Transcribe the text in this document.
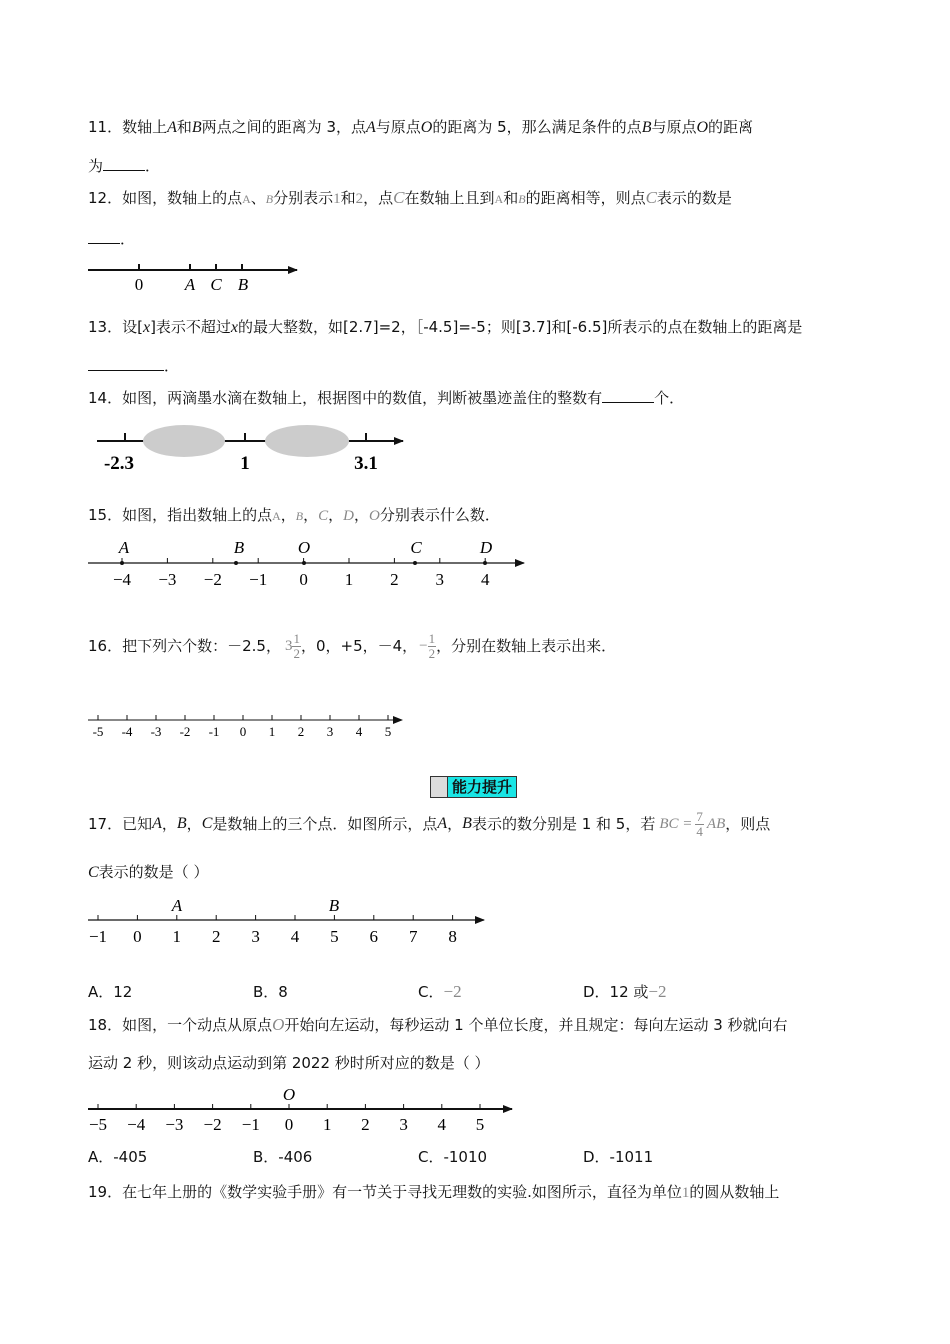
11．数轴上A和B两点之间的距离为 3，点A与原点O的距离为 5，那么满足条件的点B与原点O的距离
为	．
12．如图，数轴上的点A、B分别表示1和2，点C在数轴上且到A和B的距离相等，则点C表示的数是
．
13．设[x]表示不超过x的最大整数，如[2.7]=2，［-4.5]=-5；则[3.7]和[-6.5]所表示的点在数轴上的距离是
．
14．如图，两滴墨水滴在数轴上，根据图中的数值，判断被墨迹盖住的整数有	个．
15．如图，指出数轴上的点A，B，C，D，O分别表示什么数．
16．把下列六个数：－2.5， $3 \frac{1}{2}$ ，0，+5，－4， − $\frac{1}{2}$ ，分别在数轴上表示出来．
能力提升
17．已知 A ， B ， C 是数轴上的三个点．如图所示，点 A ， B 表示的数分别是 1 和 5，若 BC = $\frac{7}{4}$ AB ，则点
C表示的数是（ ）
A．12	B．8	C．−2	D．12 或−2
18．如图，一个动点从原点O开始向左运动，每秒运动 1 个单位长度，并且规定：每向左运动 3 秒就向右
运动 2 秒，则该动点运动到第 2022 秒时所对应的数是（ ）
A．-405	B．-406	C．-1010	D．-1011
19．在七年上册的《数学实验手册》有一节关于寻找无理数的实验.如图所示，直径为单位1的圆从数轴上
0 A C B
-2.3	1	3.1
−4 −3 −2 −1 0 1 2 3 4
A	B	O	C	D
-5 -4 -3 -2 -1 0 1 2 3 4 5
−1 0 1 2 3 4 5 6 7 8
A	B
−5 −4 −3 −2 −1 0 1 2 3 4 5
O
